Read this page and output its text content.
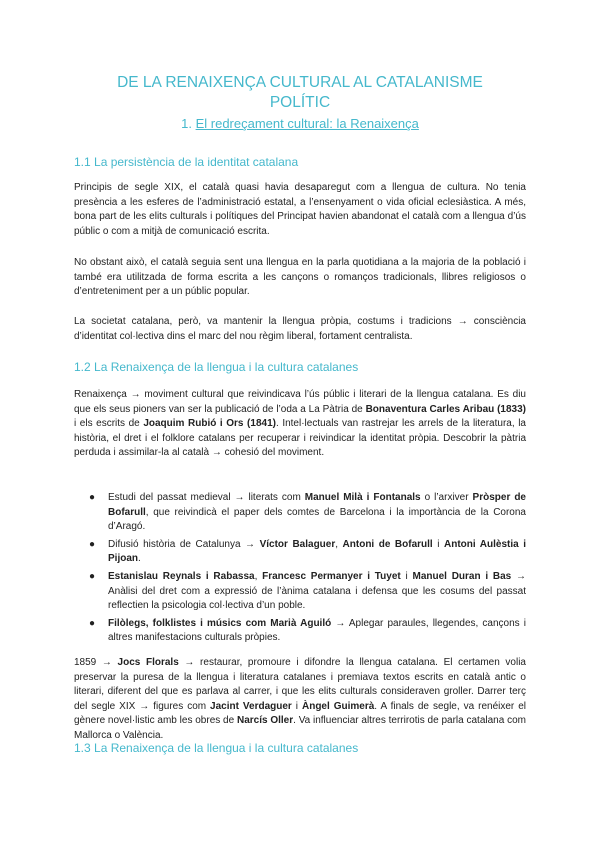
DE LA RENAIXENÇA CULTURAL AL CATALANISME
POLÍTIC
1. El redreçament cultural: la Renaixença
1.1 La persistència de la identitat catalana

Principis de segle XIX, el català quasi havia desaparegut com a llengua de cultura. No tenia presència a les esferes de l’administració estatal, a l’ensenyament o vida oficial eclesiàstica. A més, bona part de les elits culturals i polítiques del Principat havien abandonat el català com a llengua d’ús públic o com a mitjà de comunicació escrita.

No obstant això, el català seguia sent una llengua en la parla quotidiana a la majoria de la població i també era utilitzada de forma escrita a les cançons o romanços tradicionals, llibres religiosos o d’entreteniment per a un públic popular.

La societat catalana, però, va mantenir la llengua pròpia, costums i tradicions → consciència d’identitat col·lectiva dins el marc del nou règim liberal, fortament centralista.

1.2 La Renaixença de la llengua i la cultura catalanes

Renaixença → moviment cultural que reivindicava l’ús públic i literari de la llengua catalana. Es diu que els seus pioners van ser la publicació de l’oda a La Pàtria de Bonaventura Carles Aribau (1833) i els escrits de Joaquim Rubió i Ors (1841). Intel·lectuals van rastrejar les arrels de la literatura, la història, el dret i el folklore catalans per recuperar i reivindicar la identitat pròpia. Descobrir la pàtria perduda i assimilar-la al català → cohesió del moviment.

● Estudi del passat medieval → literats com Manuel Milà i Fontanals o l’arxiver Pròsper de Bofarull, que reivindicà el paper dels comtes de Barcelona i la importància de la Corona d’Aragó.
● Difusió història de Catalunya → Víctor Balaguer, Antoni de Bofarull i Antoni Aulèstia i Pijoan.
● Estanislau Reynals i Rabassa, Francesc Permanyer i Tuyet i Manuel Duran i Bas → Anàlisi del dret com a expressió de l’ànima catalana i defensa que les cosums del passat reflectien la psicologia col·lectiva d’un poble.
● Filòlegs, folklistes i músics com Marià Aguiló → Aplegar paraules, llegendes, cançons i altres manifestacions culturals pròpies.

1859 → Jocs Florals → restaurar, promoure i difondre la llengua catalana. El certamen volia preservar la puresa de la llengua i literatura catalanes i premiava textos escrits en català antic o literari, diferent del que es parlava al carrer, i que les elits culturals consideraven groller. Darrer terç del segle XIX → figures com Jacint Verdaguer i Àngel Guimerà. A finals de segle, va renéixer el gènere novel·listic amb les obres de Narcís Oller. Va influenciar altres terrirotis de parla catalana com Mallorca o València.

1.3 La Renaixença de la llengua i la cultura catalanes
